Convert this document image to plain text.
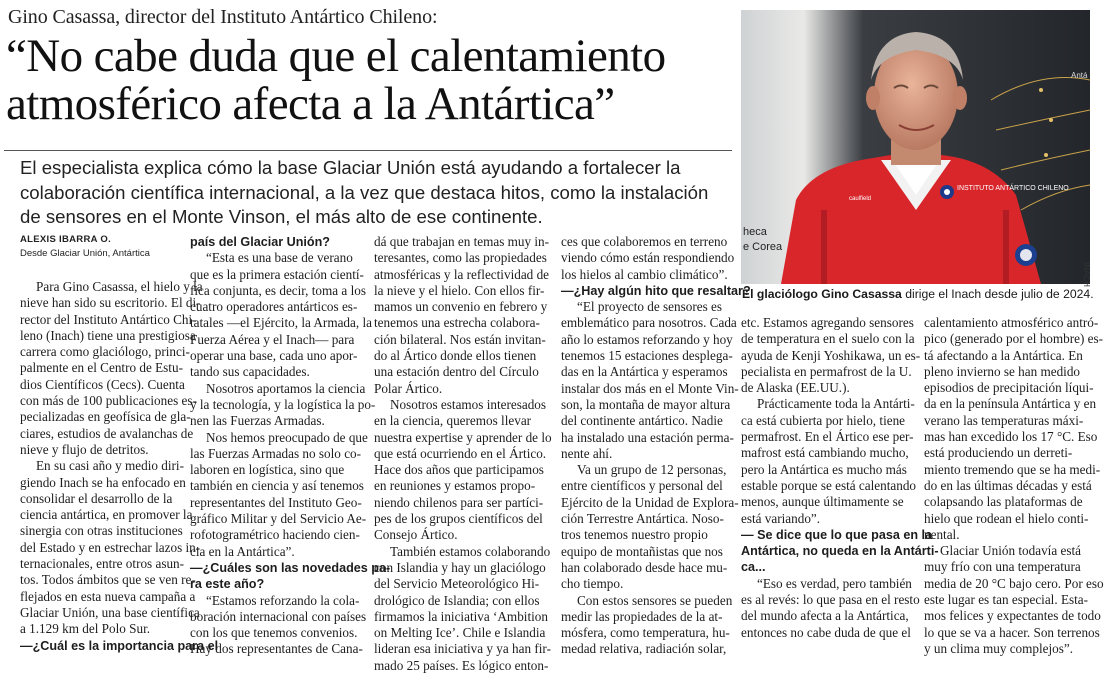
Gino Casassa, director del Instituto Antártico Chileno:
“No cabe duda que el calentamiento
atmosférico afecta a la Antártica”
El especialista explica cómo la base Glaciar Unión está ayudando a fortalecer la
colaboración científica internacional, a la vez que destaca hitos, como la instalación
de sensores en el Monte Vinson, el más alto de ese continente.
Antá
heca
e Corea
INSTITUTO ANTÁRTICO CHILENO
caulfield
INACH
El glaciólogo Gino Casassa dirige el Inach desde julio de 2024.
ALEXIS IBARRA O.
Desde Glaciar Unión, Antártica
Para Gino Casassa, el hielo y la
nieve han sido su escritorio. El di-
rector del Instituto Antártico Chi-
leno (Inach) tiene una prestigiosa
carrera como glaciólogo, princi-
palmente en el Centro de Estu-
dios Científicos (Cecs). Cuenta
con más de 100 publicaciones es-
pecializadas en geofísica de gla-
ciares, estudios de avalanchas de
nieve y flujo de detritos.
En su casi año y medio diri-
giendo Inach se ha enfocado en
consolidar el desarrollo de la
ciencia antártica, en promover la
sinergia con otras instituciones
del Estado y en estrechar lazos in-
ternacionales, entre otros asun-
tos. Todos ámbitos que se ven re-
flejados en esta nueva campaña a
Glaciar Unión, una base científica
a 1.129 km del Polo Sur.
—¿Cuál es la importancia para el
país del Glaciar Unión?
“Esta es una base de verano
que es la primera estación cientí-
fica conjunta, es decir, toma a los
cuatro operadores antárticos es-
tatales —el Ejército, la Armada, la
Fuerza Aérea y el Inach— para
operar una base, cada uno apor-
tando sus capacidades.
Nosotros aportamos la ciencia
y la tecnología, y la logística la po-
nen las Fuerzas Armadas.
Nos hemos preocupado de que
las Fuerzas Armadas no solo co-
laboren en logística, sino que
también en ciencia y así tenemos
representantes del Instituto Geo-
gráfico Militar y del Servicio Ae-
rofotogramétrico haciendo cien-
cia en la Antártica”.
—¿Cuáles son las novedades pa-
ra este año?
“Estamos reforzando la cola-
boración internacional con países
con los que tenemos convenios.
Hay dos representantes de Cana-
dá que trabajan en temas muy in-
teresantes, como las propiedades
atmosféricas y la reflectividad de
la nieve y el hielo. Con ellos fir-
mamos un convenio en febrero y
tenemos una estrecha colabora-
ción bilateral. Nos están invitan-
do al Ártico donde ellos tienen
una estación dentro del Círculo
Polar Ártico.
Nosotros estamos interesados
en la ciencia, queremos llevar
nuestra expertise y aprender de lo
que está ocurriendo en el Ártico.
Hace dos años que participamos
en reuniones y estamos propo-
niendo chilenos para ser partíci-
pes de los grupos científicos del
Consejo Ártico.
También estamos colaborando
con Islandia y hay un glaciólogo
del Servicio Meteorológico Hi-
drológico de Islandia; con ellos
firmamos la iniciativa ‘Ambition
on Melting Ice’. Chile e Islandia
lideran esa iniciativa y ya han fir-
mado 25 países. Es lógico enton-
ces que colaboremos en terreno
viendo cómo están respondiendo
los hielos al cambio climático”.
—¿Hay algún hito que resaltar?
“El proyecto de sensores es
emblemático para nosotros. Cada
año lo estamos reforzando y hoy
tenemos 15 estaciones desplega-
das en la Antártica y esperamos
instalar dos más en el Monte Vin-
son, la montaña de mayor altura
del continente antártico. Nadie
ha instalado una estación perma-
nente ahí.
Va un grupo de 12 personas,
entre científicos y personal del
Ejército de la Unidad de Explora-
ción Terrestre Antártica. Noso-
tros tenemos nuestro propio
equipo de montañistas que nos
han colaborado desde hace mu-
cho tiempo.
Con estos sensores se pueden
medir las propiedades de la at-
mósfera, como temperatura, hu-
medad relativa, radiación solar,
etc. Estamos agregando sensores
de temperatura en el suelo con la
ayuda de Kenji Yoshikawa, un es-
pecialista en permafrost de la U.
de Alaska (EE.UU.).
Prácticamente toda la Antárti-
ca está cubierta por hielo, tiene
permafrost. En el Ártico ese per-
mafrost está cambiando mucho,
pero la Antártica es mucho más
estable porque se está calentando
menos, aunque últimamente se
está variando”.
— Se dice que lo que pasa en la
Antártica, no queda en la Antárti-
ca...
“Eso es verdad, pero también
es al revés: lo que pasa en el resto
del mundo afecta a la Antártica,
entonces no cabe duda de que el
calentamiento atmosférico antró-
pico (generado por el hombre) es-
tá afectando a la Antártica. En
pleno invierno se han medido
episodios de precipitación líqui-
da en la península Antártica y en
verano las temperaturas máxi-
mas han excedido los 17 °C. Eso
está produciendo un derreti-
miento tremendo que se ha medi-
do en las últimas décadas y está
colapsando las plataformas de
hielo que rodean el hielo conti-
nental.
Glaciar Unión todavía está
muy frío con una temperatura
media de 20 °C bajo cero. Por eso
este lugar es tan especial. Esta-
mos felices y expectantes de todo
lo que se va a hacer. Son terrenos
y un clima muy complejos”.
